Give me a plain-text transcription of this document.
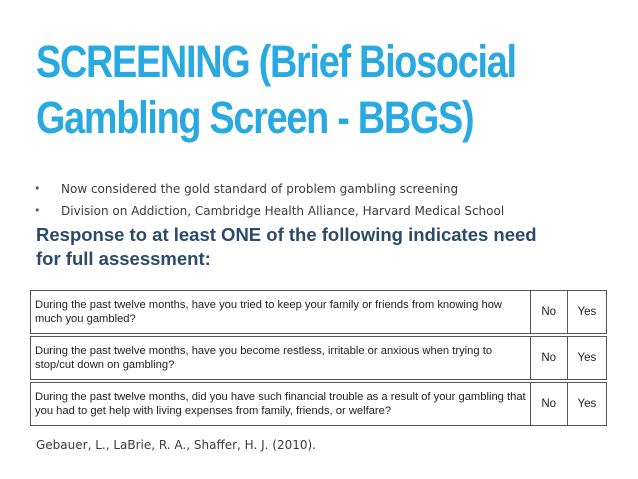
SCREENING (Brief Biosocial
Gambling Screen - BBGS)
• Now considered the gold standard of problem gambling screening
• Division on Addiction, Cambridge Health Alliance, Harvard Medical School

Response to at least ONE of the following indicates need
for full assessment:

During the past twelve months, have you tried to keep your family or friends from knowing how
much you gambled?	No	Yes

During the past twelve months, have you become restless, irritable or anxious when trying to
stop/cut down on gambling?	No	Yes

During the past twelve months, did you have such financial trouble as a result of your gambling that
you had to get help with living expenses from family, friends, or welfare?	No	Yes

Gebauer, L., LaBrie, R. A., Shaffer, H. J. (2010).
